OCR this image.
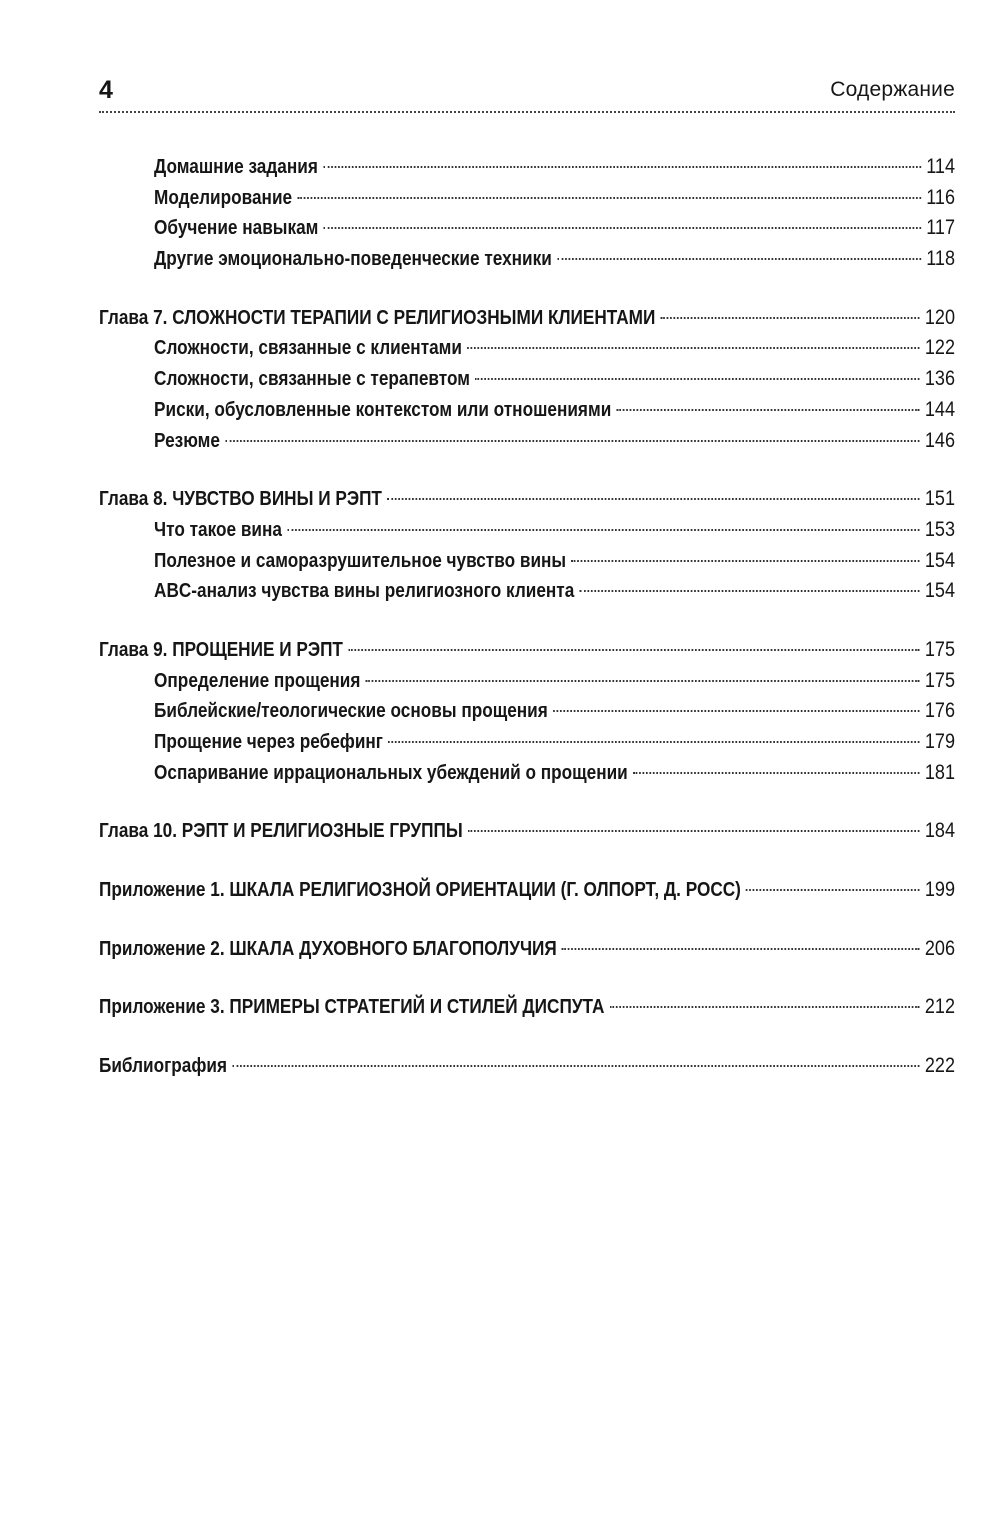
4	Содержание
Домашние задания	114
Моделирование	116
Обучение навыкам	117
Другие эмоционально-поведенческие техники	118
Глава 7. СЛОЖНОСТИ ТЕРАПИИ С РЕЛИГИОЗНЫМИ КЛИЕНТАМИ	120
Сложности, связанные с клиентами	122
Сложности, связанные с терапевтом	136
Риски, обусловленные контекстом или отношениями	144
Резюме	146
Глава 8. ЧУВСТВО ВИНЫ И РЭПТ	151
Что такое вина	153
Полезное и саморазрушительное чувство вины	154
ABC-анализ чувства вины религиозного клиента	154
Глава 9. ПРОЩЕНИЕ И РЭПТ	175
Определение прощения	175
Библейские/теологические основы прощения	176
Прощение через ребефинг	179
Оспаривание иррациональных убеждений о прощении	181
Глава 10. РЭПТ И РЕЛИГИОЗНЫЕ ГРУППЫ	184
Приложение 1. ШКАЛА РЕЛИГИОЗНОЙ ОРИЕНТАЦИИ (Г. ОЛПОРТ, Д. РОСС)	199
Приложение 2. ШКАЛА ДУХОВНОГО БЛАГОПОЛУЧИЯ	206
Приложение 3. ПРИМЕРЫ СТРАТЕГИЙ И СТИЛЕЙ ДИСПУТА	212
Библиография	222
